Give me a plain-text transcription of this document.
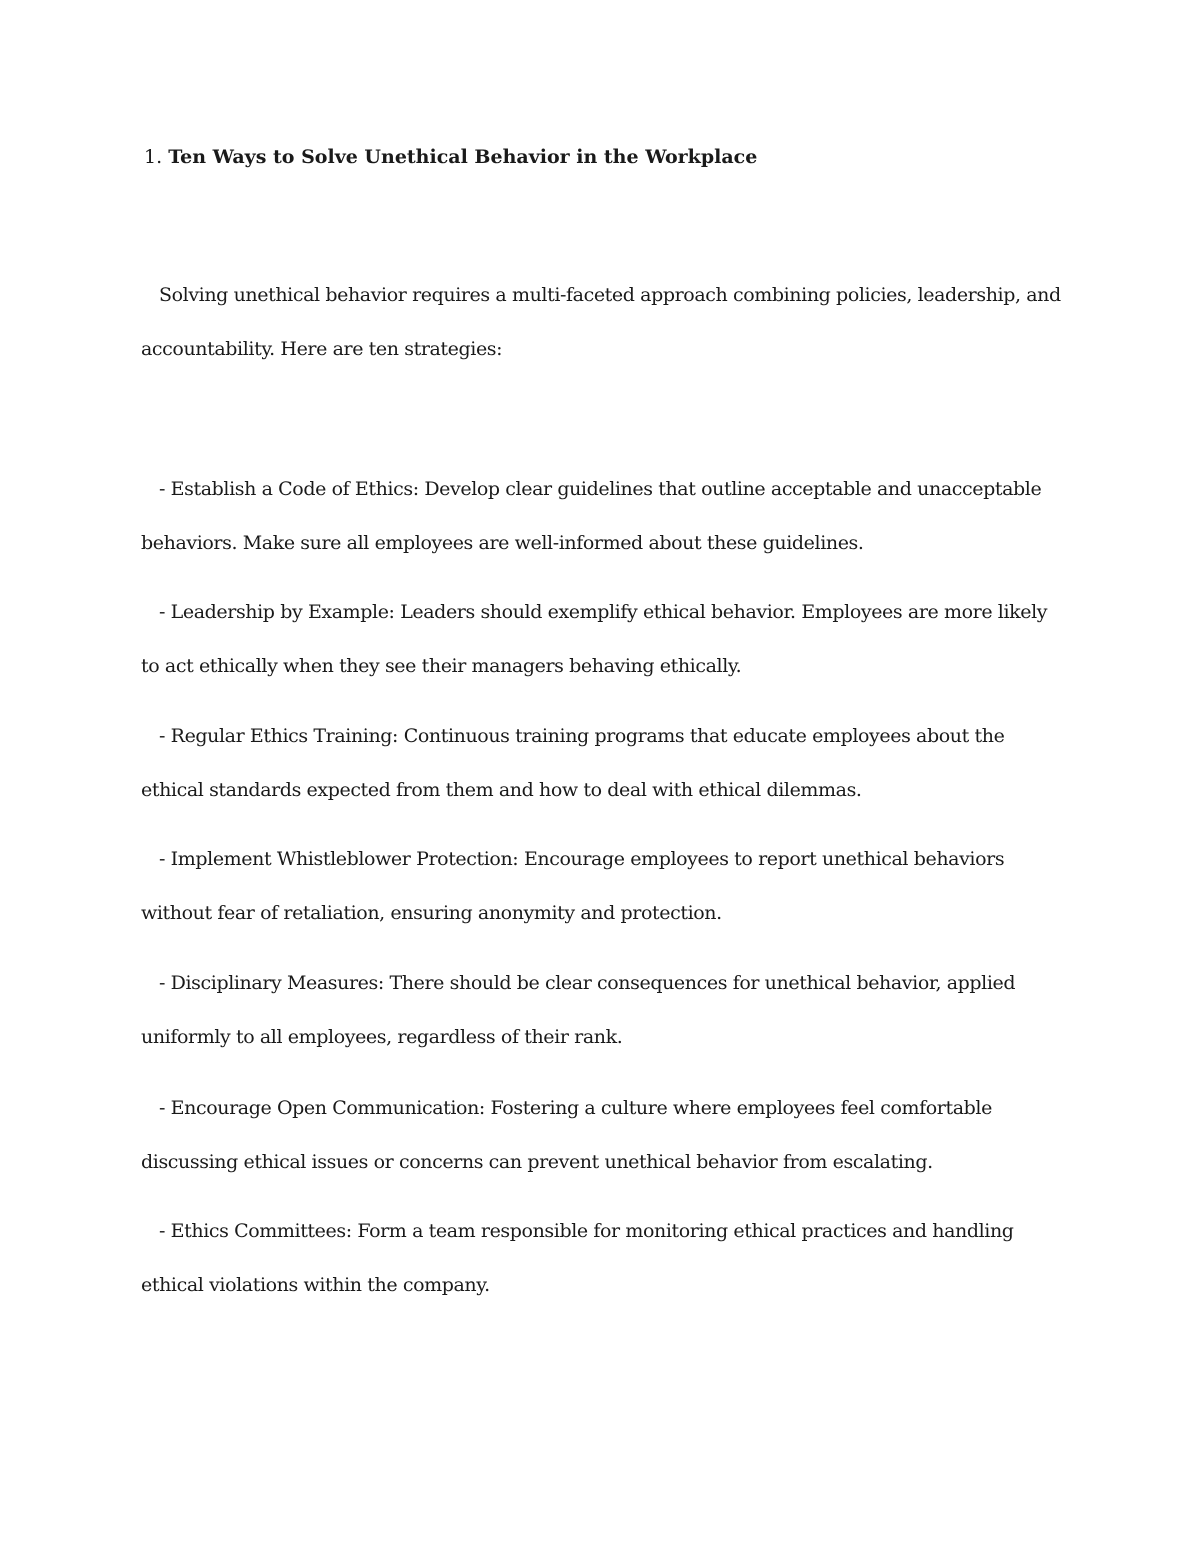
1. Ten Ways to Solve Unethical Behavior in the Workplace

Solving unethical behavior requires a multi-faceted approach combining policies, leadership, and accountability. Here are ten strategies:

- Establish a Code of Ethics: Develop clear guidelines that outline acceptable and unacceptable behaviors. Make sure all employees are well-informed about these guidelines.

- Leadership by Example: Leaders should exemplify ethical behavior. Employees are more likely to act ethically when they see their managers behaving ethically.

- Regular Ethics Training: Continuous training programs that educate employees about the ethical standards expected from them and how to deal with ethical dilemmas.

- Implement Whistleblower Protection: Encourage employees to report unethical behaviors without fear of retaliation, ensuring anonymity and protection.

- Disciplinary Measures: There should be clear consequences for unethical behavior, applied uniformly to all employees, regardless of their rank.

- Encourage Open Communication: Fostering a culture where employees feel comfortable discussing ethical issues or concerns can prevent unethical behavior from escalating.

- Ethics Committees: Form a team responsible for monitoring ethical practices and handling ethical violations within the company.
